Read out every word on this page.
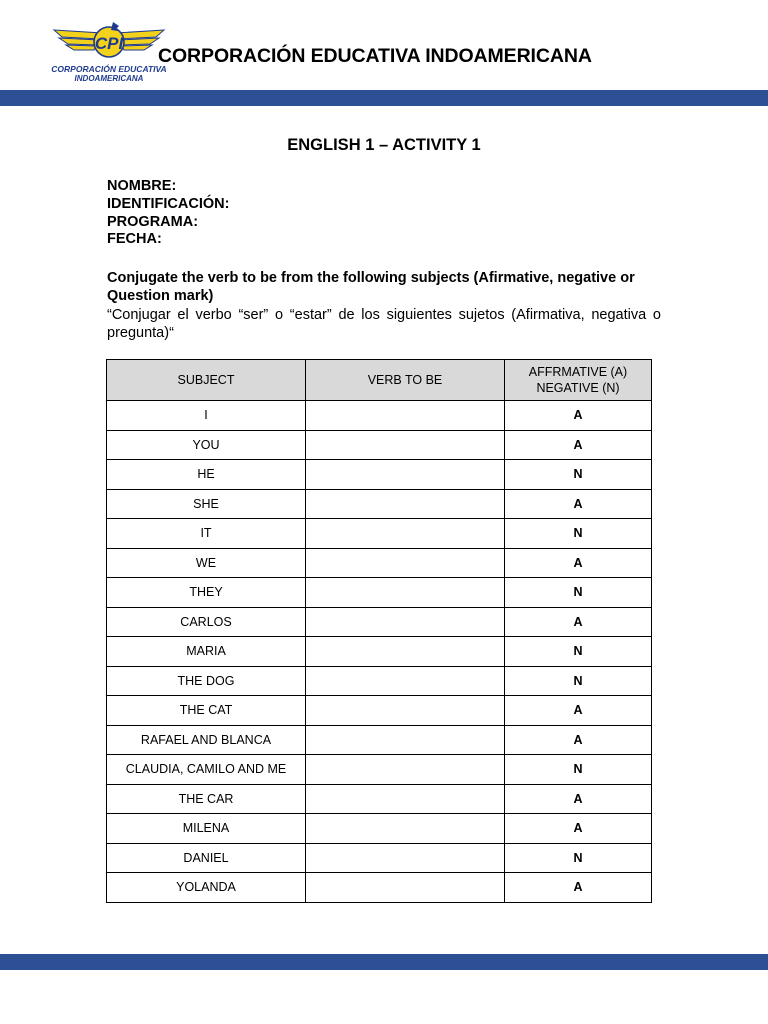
CPI
CORPORACIÓN EDUCATIVA
INDOAMERICANA
CORPORACIÓN EDUCATIVA INDOAMERICANA
ENGLISH 1 – ACTIVITY 1
NOMBRE:
IDENTIFICACIÓN:
PROGRAMA:
FECHA:
Conjugate the verb to be from the following subjects (Afirmative, negative or Question mark)
“Conjugar el verbo “ser” o “estar” de los siguientes sujetos (Afirmativa, negativa o pregunta)“
SUBJECT	VERB TO BE	AFFRMATIVE (A)
NEGATIVE (N)

I		A
YOU		A
HE		N
SHE		A
IT		N
WE		A
THEY		N
CARLOS		A
MARIA		N
THE DOG		N
THE CAT		A
RAFAEL AND BLANCA		A
CLAUDIA, CAMILO AND ME		N
THE CAR		A
MILENA		A
DANIEL		N
YOLANDA		A
